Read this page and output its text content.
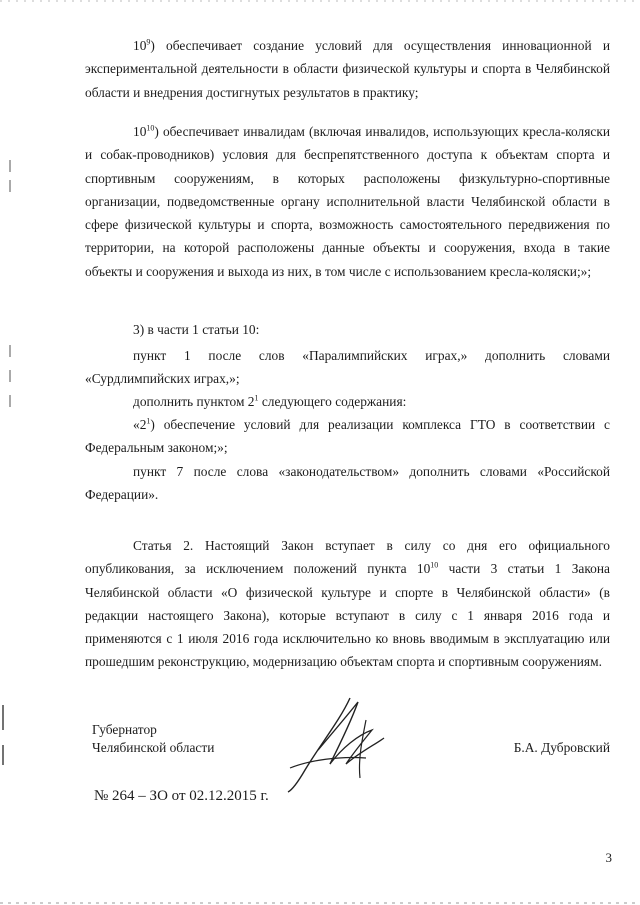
$10^9$) обеспечивает создание условий для осуществления инновационной и экспериментальной деятельности в области физической культуры и спорта в Челябинской области и внедрения достигнутых результатов в практику;

$10^{10}$) обеспечивает инвалидам (включая инвалидов, использующих кресла-коляски и собак-проводников) условия для беспрепятственного доступа к объектам спорта и спортивным сооружениям, в которых расположены физкультурно-спортивные организации, подведомственные органу исполнительной власти Челябинской области в сфере физической культуры и спорта, возможность самостоятельного передвижения по территории, на которой расположены данные объекты и сооружения, входа в такие объекты и сооружения и выхода из них, в том числе с использованием кресла-коляски;»;

3) в части 1 статьи 10:

пункт 1 после слов «Паралимпийских играх,» дополнить словами «Сурдлимпийских играх,»;

дополнить пунктом $2^1$ следующего содержания:

«$2^1$) обеспечение условий для реализации комплекса ГТО в соответствии с Федеральным законом;»;

пункт 7 после слова «законодательством» дополнить словами «Российской Федерации».

Статья 2. Настоящий Закон вступает в силу со дня его официального опубликования, за исключением положений пункта $10^{10}$ части 3 статьи 1 Закона Челябинской области «О физической культуре и спорте в Челябинской области» (в редакции настоящего Закона), которые вступают в силу с 1 января 2016 года и применяются с 1 июля 2016 года исключительно ко вновь вводимым в эксплуатацию или прошедшим реконструкцию, модернизацию объектам спорта и спортивным сооружениям.

Губернатор
Челябинской области	Б.А. Дубровский
№ 264 – ЗО от 02.12.2015 г.
3
